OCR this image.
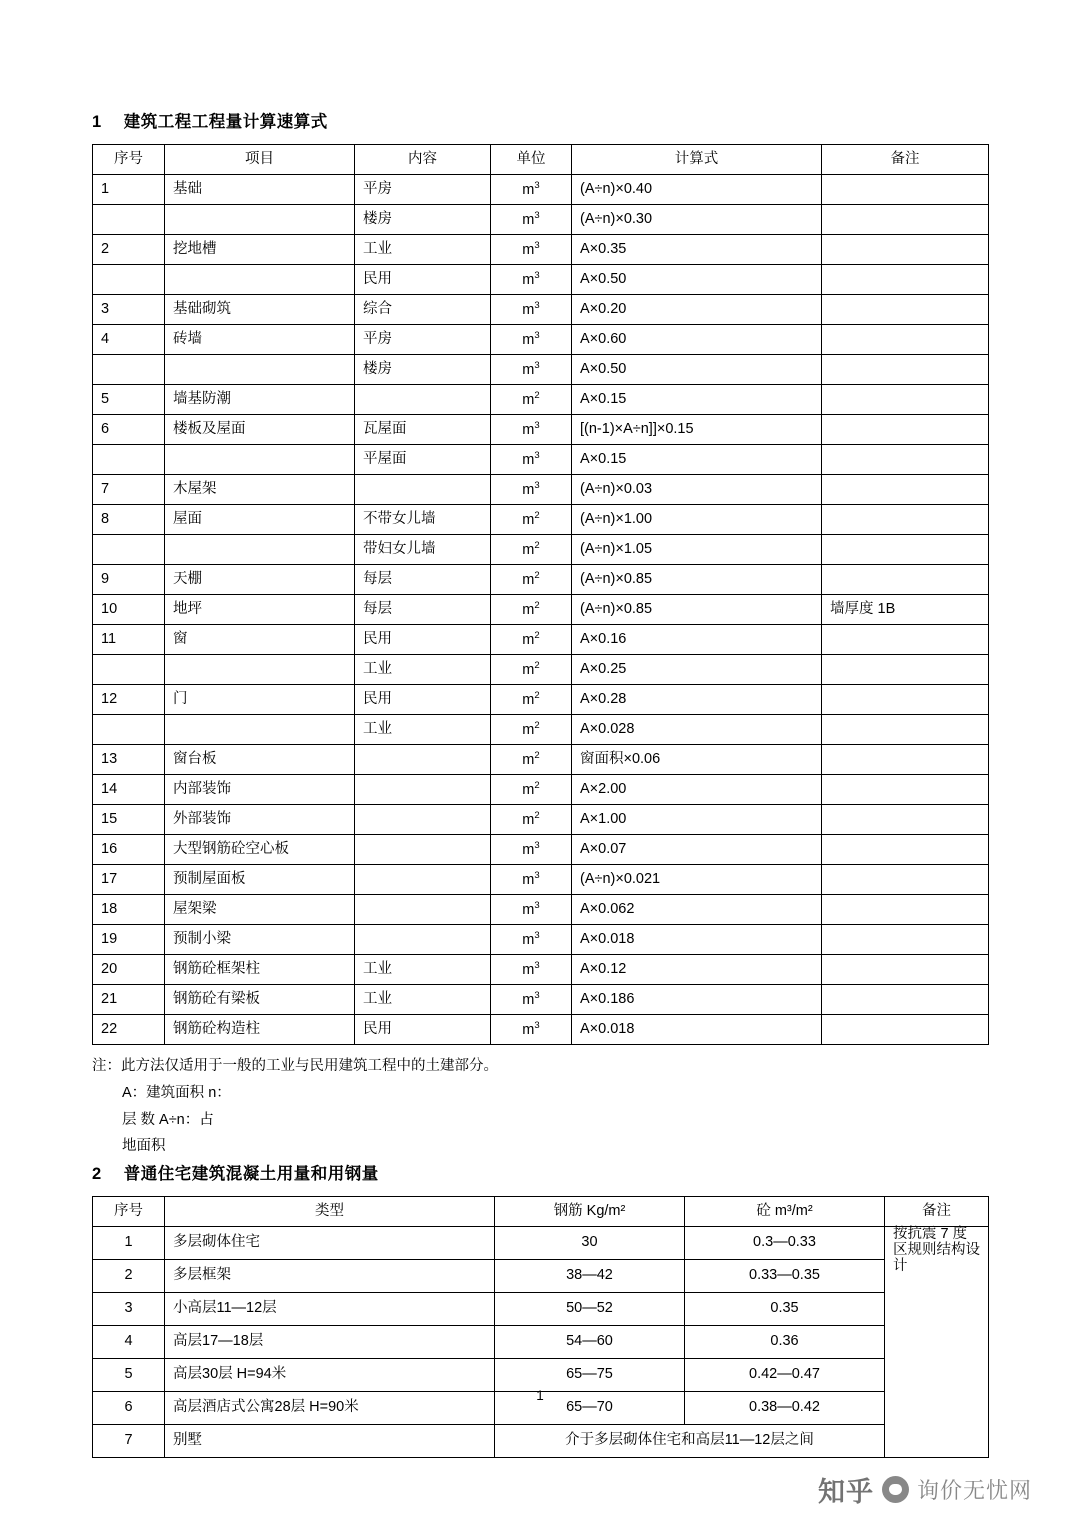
1 建筑工程工程量计算速算式
序号	项目	内容	单位	计算式	备注
1	基础	平房	$m^3$	(A÷n)×0.40	
		楼房	$m^3$	(A÷n)×0.30	
2	挖地槽	工业	$m^3$	A×0.35	
		民用	$m^3$	A×0.50	
3	基础砌筑	综合	$m^3$	A×0.20	
4	砖墙	平房	$m^3$	A×0.60	
		楼房	$m^3$	A×0.50	
5	墙基防潮		$m^2$	A×0.15	
6	楼板及屋面	瓦屋面	$m^3$	[(n-1)×A÷n]]×0.15	
		平屋面	$m^3$	A×0.15	
7	木屋架		$m^3$	(A÷n)×0.03	
8	屋面	不带女儿墙	$m^2$	(A÷n)×1.00	
		带妇女儿墙	$m^2$	(A÷n)×1.05	
9	天棚	每层	$m^2$	(A÷n)×0.85	
10	地坪	每层	$m^2$	(A÷n)×0.85	墙厚度 1B
11	窗	民用	$m^2$	A×0.16	
		工业	$m^2$	A×0.25	
12	门	民用	$m^2$	A×0.28	
		工业	$m^2$	A×0.028	
13	窗台板		$m^2$	窗面积×0.06	
14	内部装饰		$m^2$	A×2.00	
15	外部装饰		$m^2$	A×1.00	
16	大型钢筋砼空心板		$m^3$	A×0.07	
17	预制屋面板		$m^3$	(A÷n)×0.021	
18	屋架梁		$m^3$	A×0.062	
19	预制小梁		$m^3$	A×0.018	
20	钢筋砼框架柱	工业	$m^3$	A×0.12	
21	钢筋砼有梁板	工业	$m^3$	A×0.186	
22	钢筋砼构造柱	民用	$m^3$	A×0.018	
注：此方法仅适用于一般的工业与民用建筑工程中的土建部分。
A：建筑面积 n：
层 数 A÷n：占
地面积
2 普通住宅建筑混凝土用量和用钢量
序号	类型	钢筋 Kg/m²	砼 m³/m²	备注
1	多层砌体住宅	30	0.3—0.33	按抗震 7 度区规则结构设计
2	多层框架	38—42	0.33—0.35	
3	小高层11—12层	50—52	0.35	
4	高层17—18层	54—60	0.36	
5	高层30层 H=94米	65—75	0.42—0.47	
6	高层酒店式公寓28层 H=90米	65—70	0.38—0.42	
7	别墅	介于多层砌体住宅和高层11—12层之间		
1
知乎 询价无忧网
